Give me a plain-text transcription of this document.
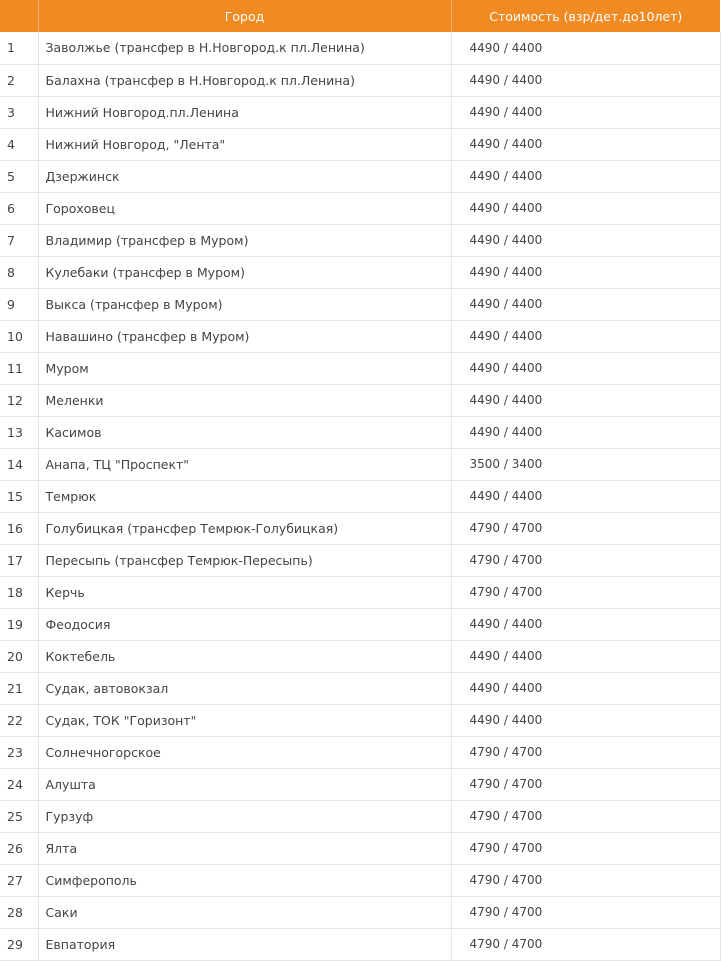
	Город	Стоимость (взр/дет.до10лет)
1	Заволжье (трансфер в Н.Новгород.к пл.Ленина)	4490 / 4400
2	Балахна (трансфер в Н.Новгород.к пл.Ленина)	4490 / 4400
3	Нижний Новгород.пл.Ленина	4490 / 4400
4	Нижний Новгород, "Лента"	4490 / 4400
5	Дзержинск	4490 / 4400
6	Гороховец	4490 / 4400
7	Владимир (трансфер в Муром)	4490 / 4400
8	Кулебаки (трансфер в Муром)	4490 / 4400
9	Выкса (трансфер в Муром)	4490 / 4400
10	Навашино (трансфер в Муром)	4490 / 4400
11	Муром	4490 / 4400
12	Меленки	4490 / 4400
13	Касимов	4490 / 4400
14	Анапа, ТЦ "Проспект"	3500 / 3400
15	Темрюк	4490 / 4400
16	Голубицкая (трансфер Темрюк-Голубицкая)	4790 / 4700
17	Пересыпь (трансфер Темрюк-Пересыпь)	4790 / 4700
18	Керчь	4790 / 4700
19	Феодосия	4490 / 4400
20	Коктебель	4490 / 4400
21	Судак, автовокзал	4490 / 4400
22	Судак, ТОК "Горизонт"	4490 / 4400
23	Солнечногорское	4790 / 4700
24	Алушта	4790 / 4700
25	Гурзуф	4790 / 4700
26	Ялта	4790 / 4700
27	Симферополь	4790 / 4700
28	Саки	4790 / 4700
29	Евпатория	4790 / 4700
